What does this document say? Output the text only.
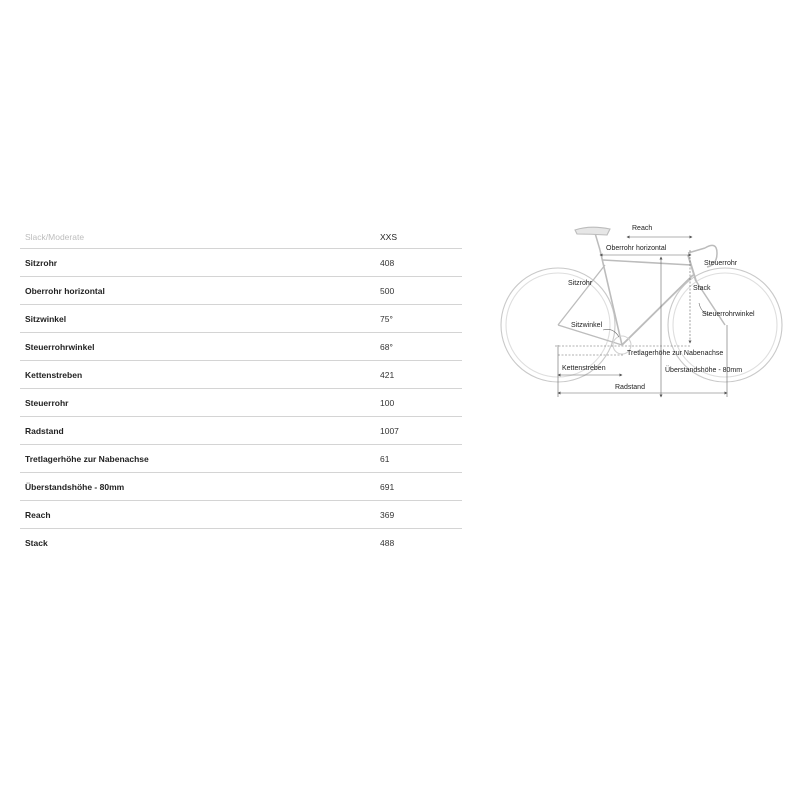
Slack/Moderate	XXS
Sitzrohr	408
Oberrohr horizontal	500
Sitzwinkel	75°
Steuerrohrwinkel	68°
Kettenstreben	421
Steuerrohr	100
Radstand	1007
Tretlagerhöhe zur Nabenachse	61
Überstandshöhe - 80mm	691
Reach	369
Stack	488
Reach
Oberrohr horizontal
Steuerrohr
Sitzrohr
Stack
Sitzwinkel
Steuerrohrwinkel
Tretlagerhöhe zur Nabenachse
Kettenstreben	Überstandshöhe - 80mm
Radstand
